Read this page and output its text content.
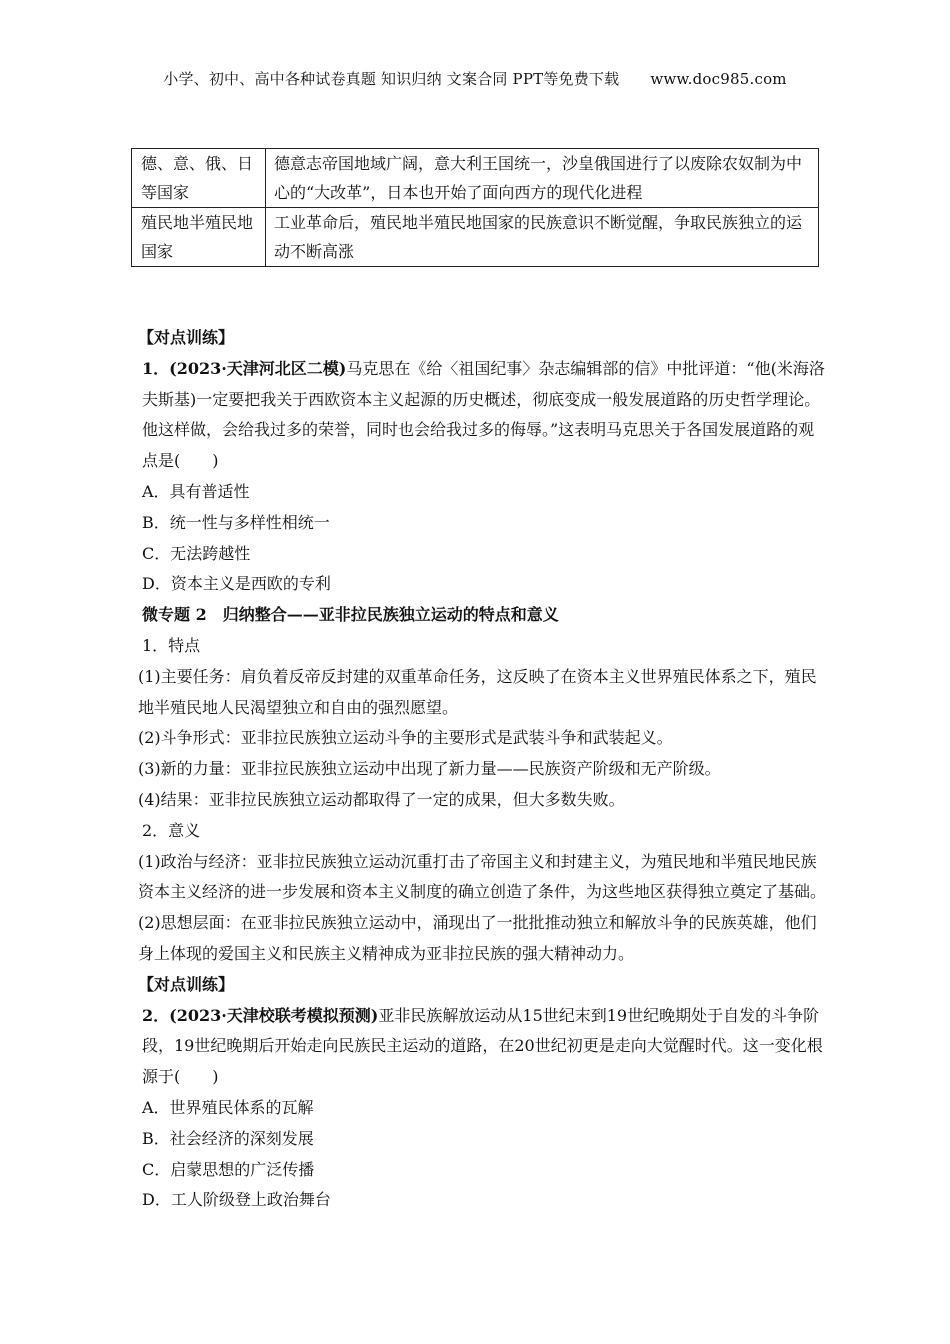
小学、初中、高中各种试卷真题 知识归纳 文案合同 PPT等免费下载 www.doc985.com
德、意、俄、日等国家	德意志帝国地域广阔，意大利王国统一，沙皇俄国进行了以废除农奴制为中心的“大改革”，日本也开始了面向西方的现代化进程
殖民地半殖民地国家	工业革命后，殖民地半殖民地国家的民族意识不断觉醒，争取民族独立的运动不断高涨

【对点训练】

1．(2023·天津河北区二模)马克思在《给〈祖国纪事〉杂志编辑部的信》中批评道：“他(米海洛夫斯基)一定要把我关于西欧资本主义起源的历史概述，彻底变成一般发展道路的历史哲学理论。他这样做，会给我过多的荣誉，同时也会给我过多的侮辱。”这表明马克思关于各国发展道路的观点是( )

A．具有普适性

B．统一性与多样性相统一

C．无法跨越性

D．资本主义是西欧的专利

微专题 2　归纳整合——亚非拉民族独立运动的特点和意义

1．特点

(1)主要任务：肩负着反帝反封建的双重革命任务，这反映了在资本主义世界殖民体系之下，殖民地半殖民地人民渴望独立和自由的强烈愿望。

(2)斗争形式：亚非拉民族独立运动斗争的主要形式是武装斗争和武装起义。

(3)新的力量：亚非拉民族独立运动中出现了新力量——民族资产阶级和无产阶级。

(4)结果：亚非拉民族独立运动都取得了一定的成果，但大多数失败。

2．意义

(1)政治与经济：亚非拉民族独立运动沉重打击了帝国主义和封建主义，为殖民地和半殖民地民族资本主义经济的进一步发展和资本主义制度的确立创造了条件，为这些地区获得独立奠定了基础。

(2)思想层面：在亚非拉民族独立运动中，涌现出了一批批推动独立和解放斗争的民族英雄，他们身上体现的爱国主义和民族主义精神成为亚非拉民族的强大精神动力。

【对点训练】

2．(2023·天津校联考模拟预测)亚非民族解放运动从15世纪末到19世纪晚期处于自发的斗争阶段，19世纪晚期后开始走向民族民主运动的道路，在20世纪初更是走向大觉醒时代。这一变化根源于( )

A．世界殖民体系的瓦解

B．社会经济的深刻发展

C．启蒙思想的广泛传播

D．工人阶级登上政治舞台
